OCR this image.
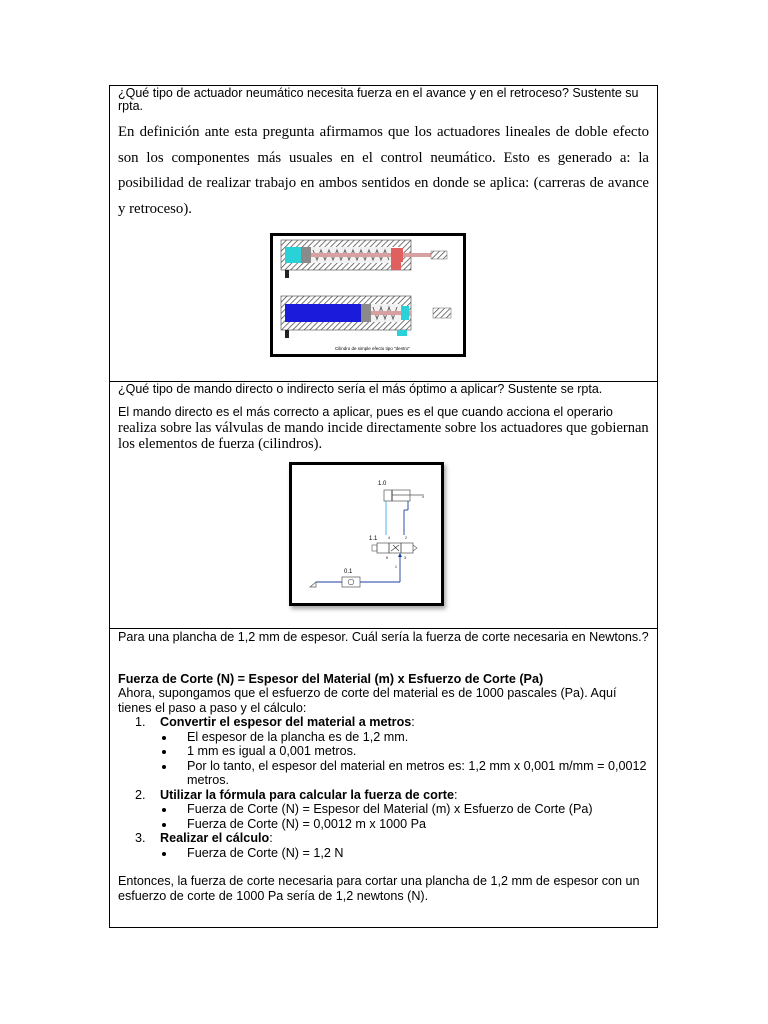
¿Qué tipo de actuador neumático necesita fuerza en el avance y en el retroceso? Sustente su rpta.

En definición ante esta pregunta afirmamos que los actuadores lineales de doble efecto son los componentes más usuales en el control neumático. Esto es generado a: la posibilidad de realizar trabajo en ambos sentidos en donde se aplica: (carreras de avance y retroceso).

Cilindro de simple efecto tipo "dentro"

¿Qué tipo de mando directo o indirecto sería el más óptimo a aplicar? Sustente se rpta.

El mando directo es el más correcto a aplicar, pues es el que cuando acciona el operario

realiza sobre las válvulas de mando incide directamente sobre los actuadores que gobiernan los elementos de fuerza (cilindros).

1.0
o
1.1	4	2
5	3
1
0.1

Para una plancha de 1,2 mm de espesor. Cuál sería la fuerza de corte necesaria en Newtons.?

Fuerza de Corte (N) = Espesor del Material (m) x Esfuerzo de Corte (Pa)

Ahora, supongamos que el esfuerzo de corte del material es de 1000 pascales (Pa). Aquí tienes el paso a paso y el cálculo:

1. Convertir el espesor del material a metros:
• El espesor de la plancha es de 1,2 mm.
• 1 mm es igual a 0,001 metros.
• Por lo tanto, el espesor del material en metros es: 1,2 mm x 0,001 m/mm = 0,0012 metros.
2. Utilizar la fórmula para calcular la fuerza de corte:
• Fuerza de Corte (N) = Espesor del Material (m) x Esfuerzo de Corte (Pa)
• Fuerza de Corte (N) = 0,0012 m x 1000 Pa
3. Realizar el cálculo:
• Fuerza de Corte (N) = 1,2 N

Entonces, la fuerza de corte necesaria para cortar una plancha de 1,2 mm de espesor con un esfuerzo de corte de 1000 Pa sería de 1,2 newtons (N).
